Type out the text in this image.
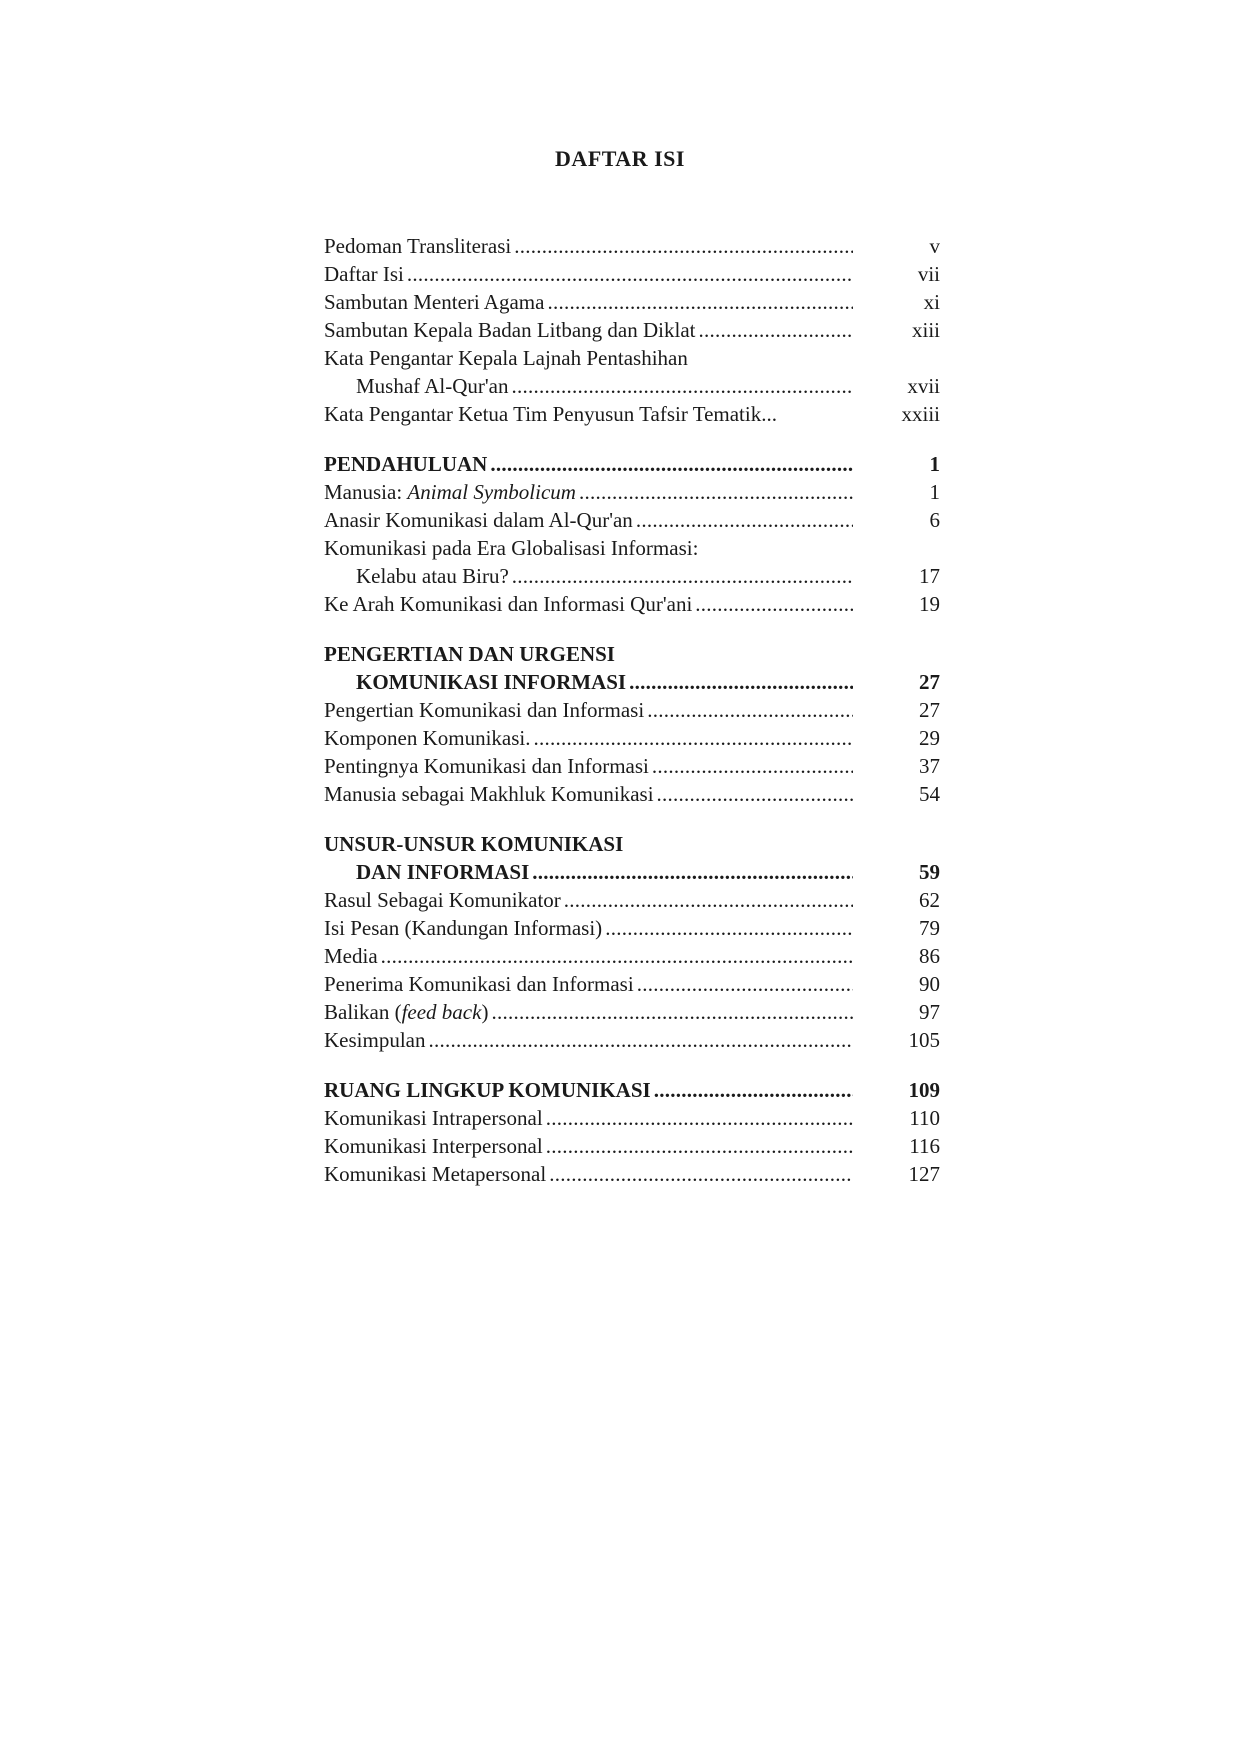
DAFTAR ISI
Pedoman Transliterasi . . .	v
Daftar Isi . . .	vii
Sambutan Menteri Agama . . .	xi
Sambutan Kepala Badan Litbang dan Diklat . . .	xiii
Kata Pengantar Kepala Lajnah Pentashihan
Mushaf Al-Qur'an . . .	xvii
Kata Pengantar Ketua Tim Penyusun Tafsir Tematik...	xxiii
PENDAHULUAN . . .	1
Manusia: Animal Symbolicum . . .	1
Anasir Komunikasi dalam Al-Qur'an . . .	6
Komunikasi pada Era Globalisasi Informasi:
Kelabu atau Biru? . . .	17
Ke Arah Komunikasi dan Informasi Qur'ani . . .	19
PENGERTIAN DAN URGENSI
KOMUNIKASI INFORMASI . . .	27
Pengertian Komunikasi dan Informasi . . .	27
Komponen Komunikasi. . . .	29
Pentingnya Komunikasi dan Informasi . . .	37
Manusia sebagai Makhluk Komunikasi . . .	54
UNSUR-UNSUR KOMUNIKASI
DAN INFORMASI . . .	59
Rasul Sebagai Komunikator . . .	62
Isi Pesan (Kandungan Informasi) . . .	79
Media . . .	86
Penerima Komunikasi dan Informasi . . .	90
Balikan (feed back) . . .	97
Kesimpulan . . .	105
RUANG LINGKUP KOMUNIKASI . . .	109
Komunikasi Intrapersonal . . .	110
Komunikasi Interpersonal . . .	116
Komunikasi Metapersonal . . .	127
